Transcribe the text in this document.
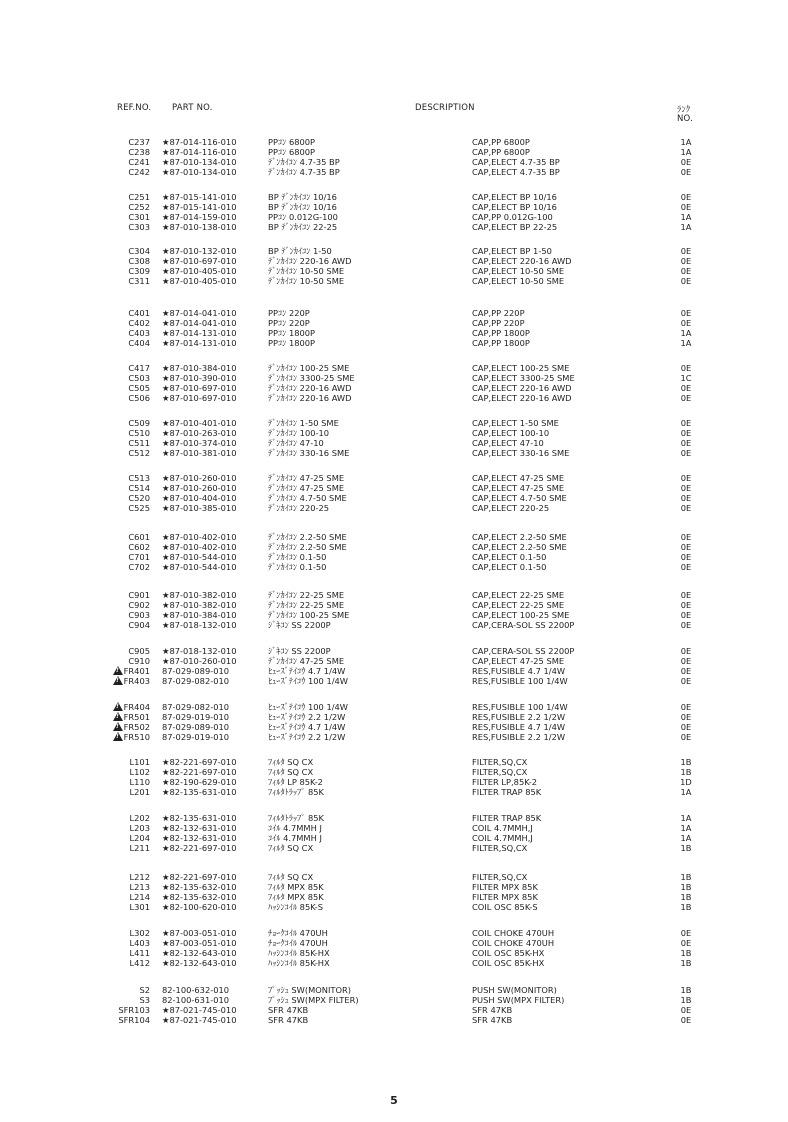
REF.NO. PART NO.	DESCRIPTION	ﾗﾝｸ
NO.
C237 ★87-014-116-010	PPｺﾝ 6800P	CAP,PP 6800P	1A
C238 ★87-014-116-010	PPｺﾝ 6800P	CAP,PP 6800P	1A
C241 ★87-010-134-010	ﾃﾞﾝｶｲｺﾝ 4.7-35 BP	CAP,ELECT 4.7-35 BP	0E
C242 ★87-010-134-010	ﾃﾞﾝｶｲｺﾝ 4.7-35 BP	CAP,ELECT 4.7-35 BP	0E
C251 ★87-015-141-010	BP ﾃﾞﾝｶｲｺﾝ 10/16	CAP,ELECT BP 10/16	0E
C252 ★87-015-141-010	BP ﾃﾞﾝｶｲｺﾝ 10/16	CAP,ELECT BP 10/16	0E
C301 ★87-014-159-010	PPｺﾝ 0.012G-100	CAP,PP 0.012G-100	1A
C303 ★87-010-138-010	BP ﾃﾞﾝｶｲｺﾝ 22-25	CAP,ELECT BP 22-25	1A
C304 ★87-010-132-010	BP ﾃﾞﾝｶｲｺﾝ 1-50	CAP,ELECT BP 1-50	0E
C308 ★87-010-697-010	ﾃﾞﾝｶｲｺﾝ 220-16 AWD	CAP,ELECT 220-16 AWD	0E
C309 ★87-010-405-010	ﾃﾞﾝｶｲｺﾝ 10-50 SME	CAP,ELECT 10-50 SME	0E
C311 ★87-010-405-010	ﾃﾞﾝｶｲｺﾝ 10-50 SME	CAP,ELECT 10-50 SME	0E
C401 ★87-014-041-010	PPｺﾝ 220P	CAP,PP 220P	0E
C402 ★87-014-041-010	PPｺﾝ 220P	CAP,PP 220P	0E
C403 ★87-014-131-010	PPｺﾝ 1800P	CAP,PP 1800P	1A
C404 ★87-014-131-010	PPｺﾝ 1800P	CAP,PP 1800P	1A
C417 ★87-010-384-010	ﾃﾞﾝｶｲｺﾝ 100-25 SME	CAP,ELECT 100-25 SME	0E
C503 ★87-010-390-010	ﾃﾞﾝｶｲｺﾝ 3300-25 SME	CAP,ELECT 3300-25 SME	1C
C505 ★87-010-697-010	ﾃﾞﾝｶｲｺﾝ 220-16 AWD	CAP,ELECT 220-16 AWD	0E
C506 ★87-010-697-010	ﾃﾞﾝｶｲｺﾝ 220-16 AWD	CAP,ELECT 220-16 AWD	0E
C509 ★87-010-401-010	ﾃﾞﾝｶｲｺﾝ 1-50 SME	CAP,ELECT 1-50 SME	0E
C510 ★87-010-263-010	ﾃﾞﾝｶｲｺﾝ 100-10	CAP,ELECT 100-10	0E
C511 ★87-010-374-010	ﾃﾞﾝｶｲｺﾝ 47-10	CAP,ELECT 47-10	0E
C512 ★87-010-381-010	ﾃﾞﾝｶｲｺﾝ 330-16 SME	CAP,ELECT 330-16 SME	0E
C513 ★87-010-260-010	ﾃﾞﾝｶｲｺﾝ 47-25 SME	CAP,ELECT 47-25 SME	0E
C514 ★87-010-260-010	ﾃﾞﾝｶｲｺﾝ 47-25 SME	CAP,ELECT 47-25 SME	0E
C520 ★87-010-404-010	ﾃﾞﾝｶｲｺﾝ 4.7-50 SME	CAP,ELECT 4.7-50 SME	0E
C525 ★87-010-385-010	ﾃﾞﾝｶｲｺﾝ 220-25	CAP,ELECT 220-25	0E
C601 ★87-010-402-010	ﾃﾞﾝｶｲｺﾝ 2.2-50 SME	CAP,ELECT 2.2-50 SME	0E
C602 ★87-010-402-010	ﾃﾞﾝｶｲｺﾝ 2.2-50 SME	CAP,ELECT 2.2-50 SME	0E
C701 ★87-010-544-010	ﾃﾞﾝｶｲｺﾝ 0.1-50	CAP,ELECT 0.1-50	0E
C702 ★87-010-544-010	ﾃﾞﾝｶｲｺﾝ 0.1-50	CAP,ELECT 0.1-50	0E
C901 ★87-010-382-010	ﾃﾞﾝｶｲｺﾝ 22-25 SME	CAP,ELECT 22-25 SME	0E
C902 ★87-010-382-010	ﾃﾞﾝｶｲｺﾝ 22-25 SME	CAP,ELECT 22-25 SME	0E
C903 ★87-010-384-010	ﾃﾞﾝｶｲｺﾝ 100-25 SME	CAP,ELECT 100-25 SME	0E
C904 ★87-018-132-010	ｼﾞｷｺﾝ SS 2200P	CAP,CERA-SOL SS 2200P	0E
C905 ★87-018-132-010	ｼﾞｷｺﾝ SS 2200P	CAP,CERA-SOL SS 2200P	0E
C910 ★87-010-260-010	ﾃﾞﾝｶｲｺﾝ 47-25 SME	CAP,ELECT 47-25 SME	0E
!FR401 87-029-089-010	ﾋｭｰｽﾞﾃｲｺｳ 4.7 1/4W	RES,FUSIBLE 4.7 1/4W	0E
!FR403 87-029-082-010	ﾋｭｰｽﾞﾃｲｺｳ 100 1/4W	RES,FUSIBLE 100 1/4W	0E
!FR404 87-029-082-010	ﾋｭｰｽﾞﾃｲｺｳ 100 1/4W	RES,FUSIBLE 100 1/4W	0E
!FR501 87-029-019-010	ﾋｭｰｽﾞﾃｲｺｳ 2.2 1/2W	RES,FUSIBLE 2.2 1/2W	0E
!FR502 87-029-089-010	ﾋｭｰｽﾞﾃｲｺｳ 4.7 1/4W	RES,FUSIBLE 4.7 1/4W	0E
!FR510 87-029-019-010	ﾋｭｰｽﾞﾃｲｺｳ 2.2 1/2W	RES,FUSIBLE 2.2 1/2W	0E
L101 ★82-221-697-010	ﾌｨﾙﾀ SQ CX	FILTER,SQ,CX	1B
L102 ★82-221-697-010	ﾌｨﾙﾀ SQ CX	FILTER,SQ,CX	1B
L110 ★82-190-629-010	ﾌｨﾙﾀ LP 85K-2	FILTER LP,85K-2	1D
L201 ★82-135-631-010	ﾌｨﾙﾀﾄﾗｯﾌﾟ 85K	FILTER TRAP 85K	1A
L202 ★82-135-631-010	ﾌｨﾙﾀﾄﾗｯﾌﾟ 85K	FILTER TRAP 85K	1A
L203 ★82-132-631-010	ｺｲﾙ 4.7MMH J	COIL 4.7MMH,J	1A
L204 ★82-132-631-010	ｺｲﾙ 4.7MMH J	COIL 4.7MMH,J	1A
L211 ★82-221-697-010	ﾌｨﾙﾀ SQ CX	FILTER,SQ,CX	1B
L212 ★82-221-697-010	ﾌｨﾙﾀ SQ CX	FILTER,SQ,CX	1B
L213 ★82-135-632-010	ﾌｨﾙﾀ MPX 85K	FILTER MPX 85K	1B
L214 ★82-135-632-010	ﾌｨﾙﾀ MPX 85K	FILTER MPX 85K	1B
L301 ★82-100-620-010	ﾊｯｼﾝｺｲﾙ 85K-S	COIL OSC 85K-S	1B
L302 ★87-003-051-010	ﾁｮｰｸｺｲﾙ 470UH	COIL CHOKE 470UH	0E
L403 ★87-003-051-010	ﾁｮｰｸｺｲﾙ 470UH	COIL CHOKE 470UH	0E
L411 ★82-132-643-010	ﾊｯｼﾝｺｲﾙ 85K-HX	COIL OSC 85K-HX	1B
L412 ★82-132-643-010	ﾊｯｼﾝｺｲﾙ 85K-HX	COIL OSC 85K-HX	1B
S2 82-100-632-010	ﾌﾟｯｼｭ SW(MONITOR)	PUSH SW(MONITOR)	1B
S3 82-100-631-010	ﾌﾟｯｼｭ SW(MPX FILTER)	PUSH SW(MPX FILTER)	1B
SFR103 ★87-021-745-010	SFR 47KB	SFR 47KB	0E
SFR104 ★87-021-745-010	SFR 47KB	SFR 47KB	0E
5
